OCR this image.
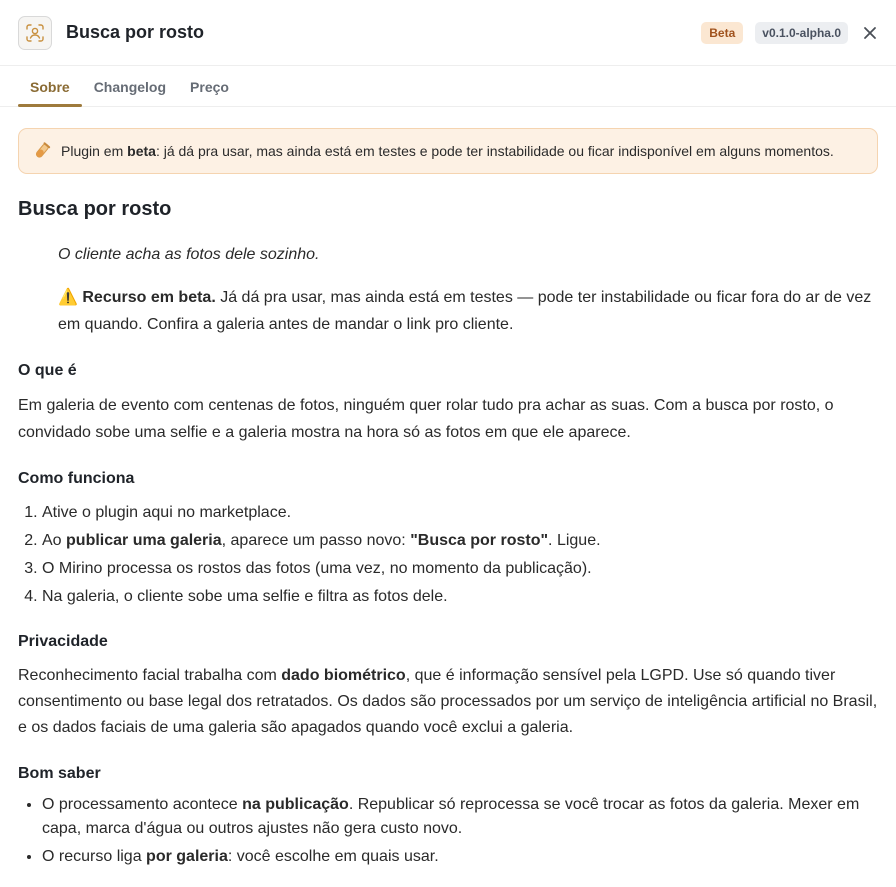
Busca por rosto	Beta	v0.1.0-alpha.0
Sobre	Changelog	Preço
Plugin em beta: já dá pra usar, mas ainda está em testes e pode ter instabilidade ou ficar indisponível em alguns momentos.
Busca por rosto

O cliente acha as fotos dele sozinho.

⚠️ Recurso em beta. Já dá pra usar, mas ainda está em testes — pode ter instabilidade ou ficar fora do ar de vez em quando. Confira a galeria antes de mandar o link pro cliente.

O que é

Em galeria de evento com centenas de fotos, ninguém quer rolar tudo pra achar as suas. Com a busca por rosto, o convidado sobe uma selfie e a galeria mostra na hora só as fotos em que ele aparece.

Como funciona
1. Ative o plugin aqui no marketplace.
2. Ao publicar uma galeria, aparece um passo novo: "Busca por rosto". Ligue.
3. O Mirino processa os rostos das fotos (uma vez, no momento da publicação).
4. Na galeria, o cliente sobe uma selfie e filtra as fotos dele.
Privacidade

Reconhecimento facial trabalha com dado biométrico, que é informação sensível pela LGPD. Use só quando tiver consentimento ou base legal dos retratados. Os dados são processados por um serviço de inteligência artificial no Brasil, e os dados faciais de uma galeria são apagados quando você exclui a galeria.

Bom saber
• O processamento acontece na publicação. Republicar só reprocessa se você trocar as fotos da galeria. Mexer em capa, marca d'água ou outros ajustes não gera custo novo.
• O recurso liga por galeria: você escolhe em quais usar.
